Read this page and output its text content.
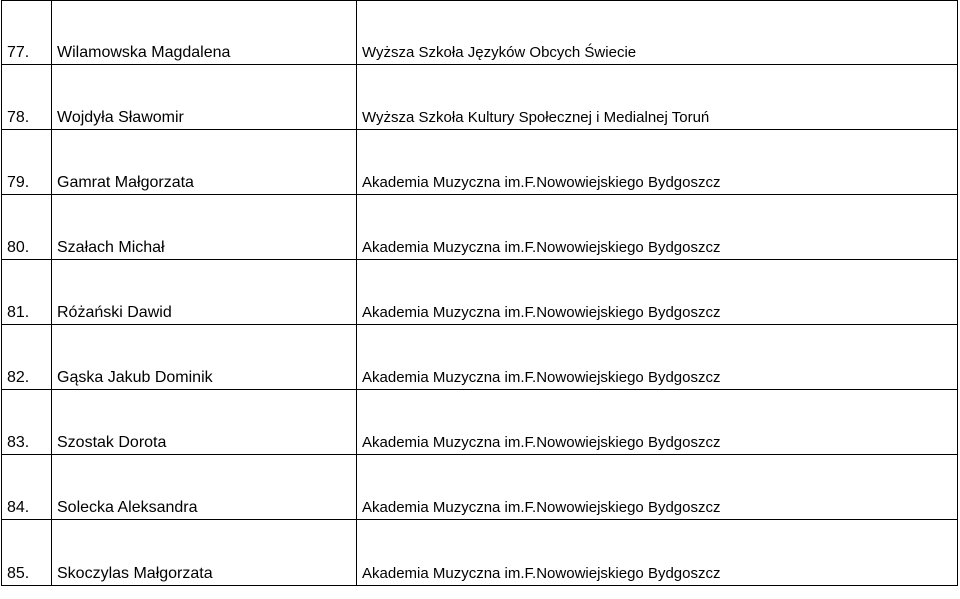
77.	Wilamowska Magdalena	Wyższa Szkoła Języków Obcych Świecie
78.	Wojdyła Sławomir	Wyższa Szkoła Kultury Społecznej i Medialnej Toruń
79.	Gamrat Małgorzata	Akademia Muzyczna im.F.Nowowiejskiego Bydgoszcz
80.	Szałach Michał	Akademia Muzyczna im.F.Nowowiejskiego Bydgoszcz
81.	Różański Dawid	Akademia Muzyczna im.F.Nowowiejskiego Bydgoszcz
82.	Gąska Jakub Dominik	Akademia Muzyczna im.F.Nowowiejskiego Bydgoszcz
83.	Szostak Dorota	Akademia Muzyczna im.F.Nowowiejskiego Bydgoszcz
84.	Solecka Aleksandra	Akademia Muzyczna im.F.Nowowiejskiego Bydgoszcz
85.	Skoczylas Małgorzata	Akademia Muzyczna im.F.Nowowiejskiego Bydgoszcz
